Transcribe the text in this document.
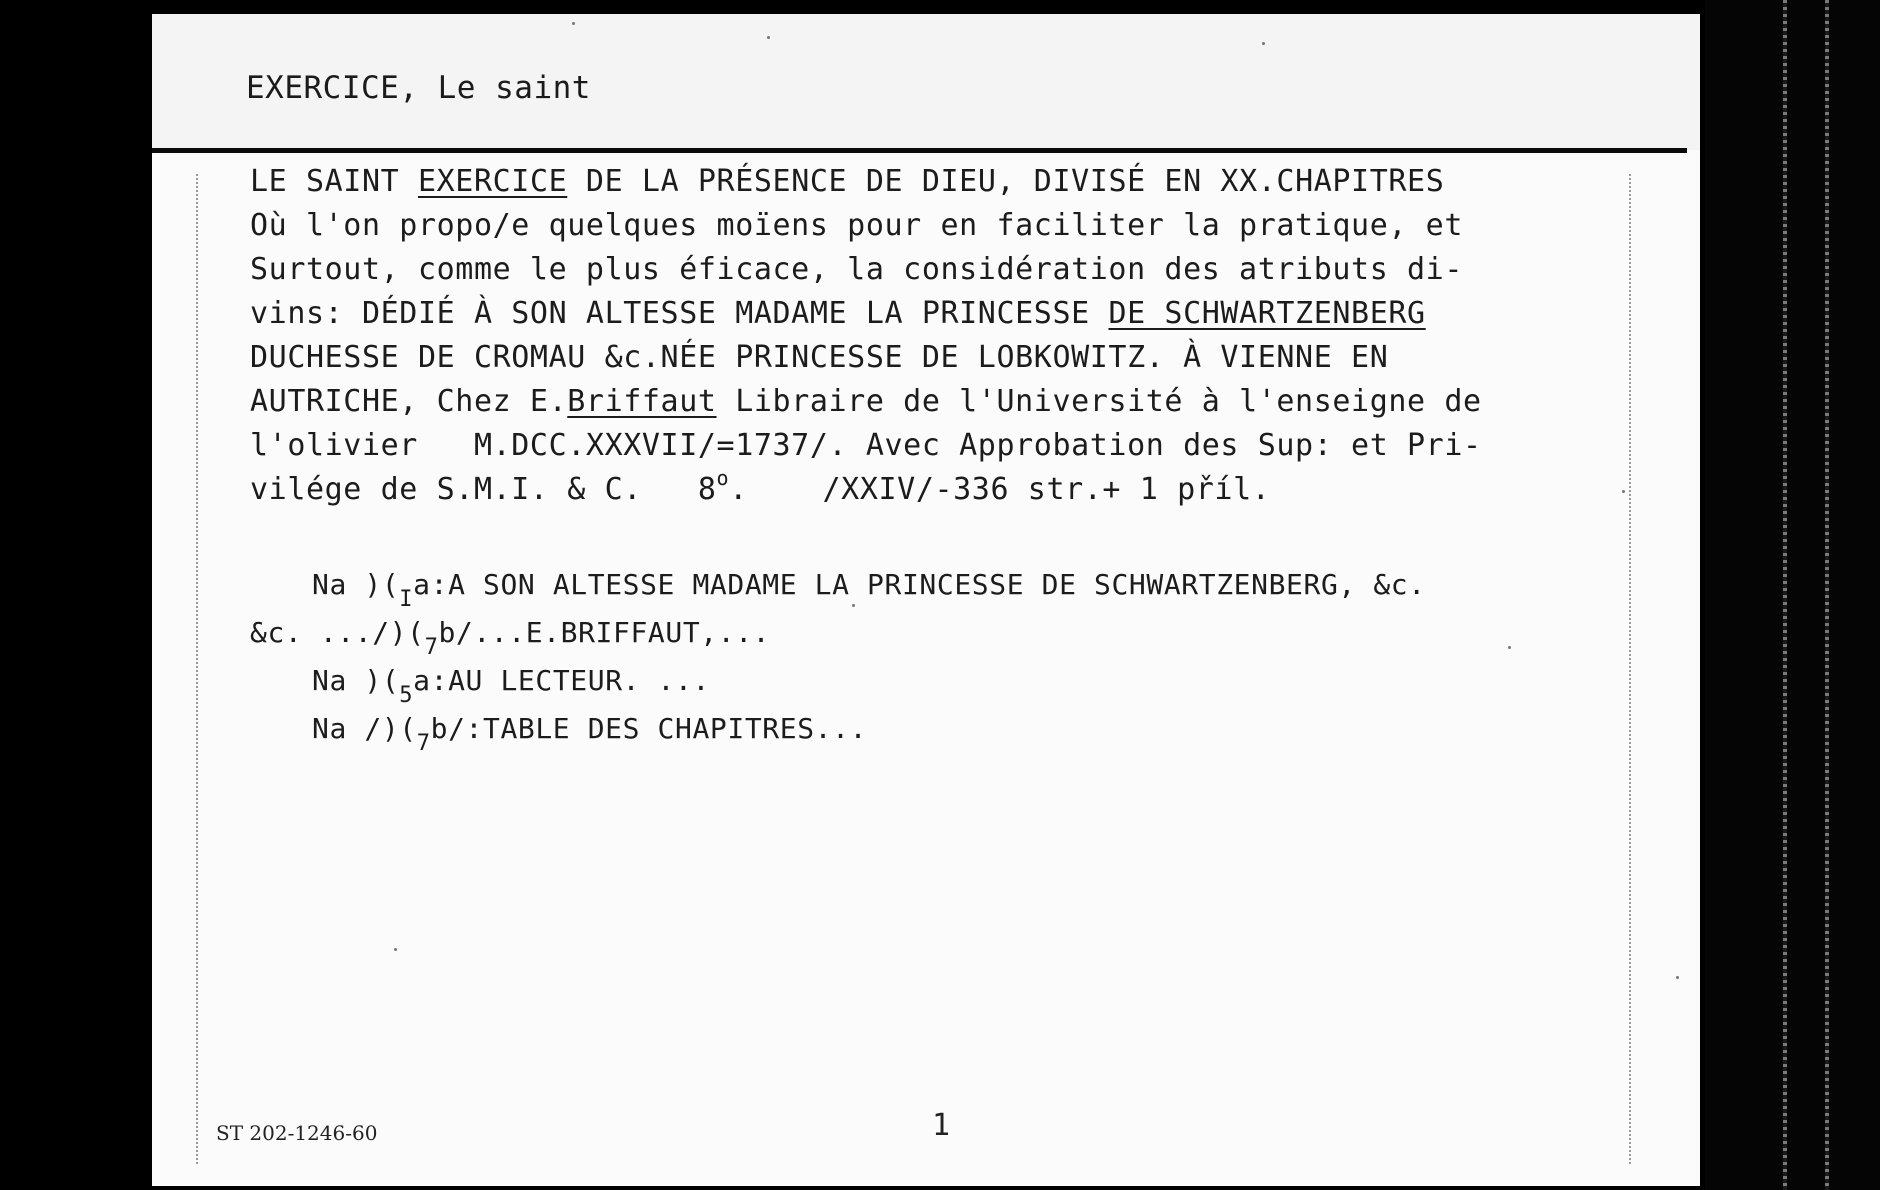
EXERCICE, Le saint
ST 202-1246-60	1
LE SAINT EXERCICE DE LA PRÉSENCE DE DIEU, DIVISÉ EN XX.CHAPITRES
Où l'on propo/e quelques moïens pour en faciliter la pratique, et
Surtout, comme le plus éficace, la considération des atributs di-
vins: DÉDIÉ À SON ALTESSE MADAME LA PRINCESSE DE SCHWARTZENBERG
DUCHESSE DE CROMAU &c.NÉE PRINCESSE DE LOBKOWITZ. À VIENNE EN
AUTRICHE, Chez E.Briffaut Libraire de l'Université à l'enseigne de
l'olivier   M.DCC.XXXVII/=1737/. Avec Approbation des Sup: et Pri-
vilége de S.M.I. & C.   8$^o$.    /XXIV/-336 str.+ 1 příl.
Na )($_Ia:A$ SON ALTESSE MADAME LA PRINCESSE DE SCHWARTZENBERG, &c.
&c. $.../)(_7b/...E.BRIFFAUT$,...
Na )($_5a:AU$ LECTEUR. ...
Na $/)(_7b/:TABLE$ DES CHAPITRES...
